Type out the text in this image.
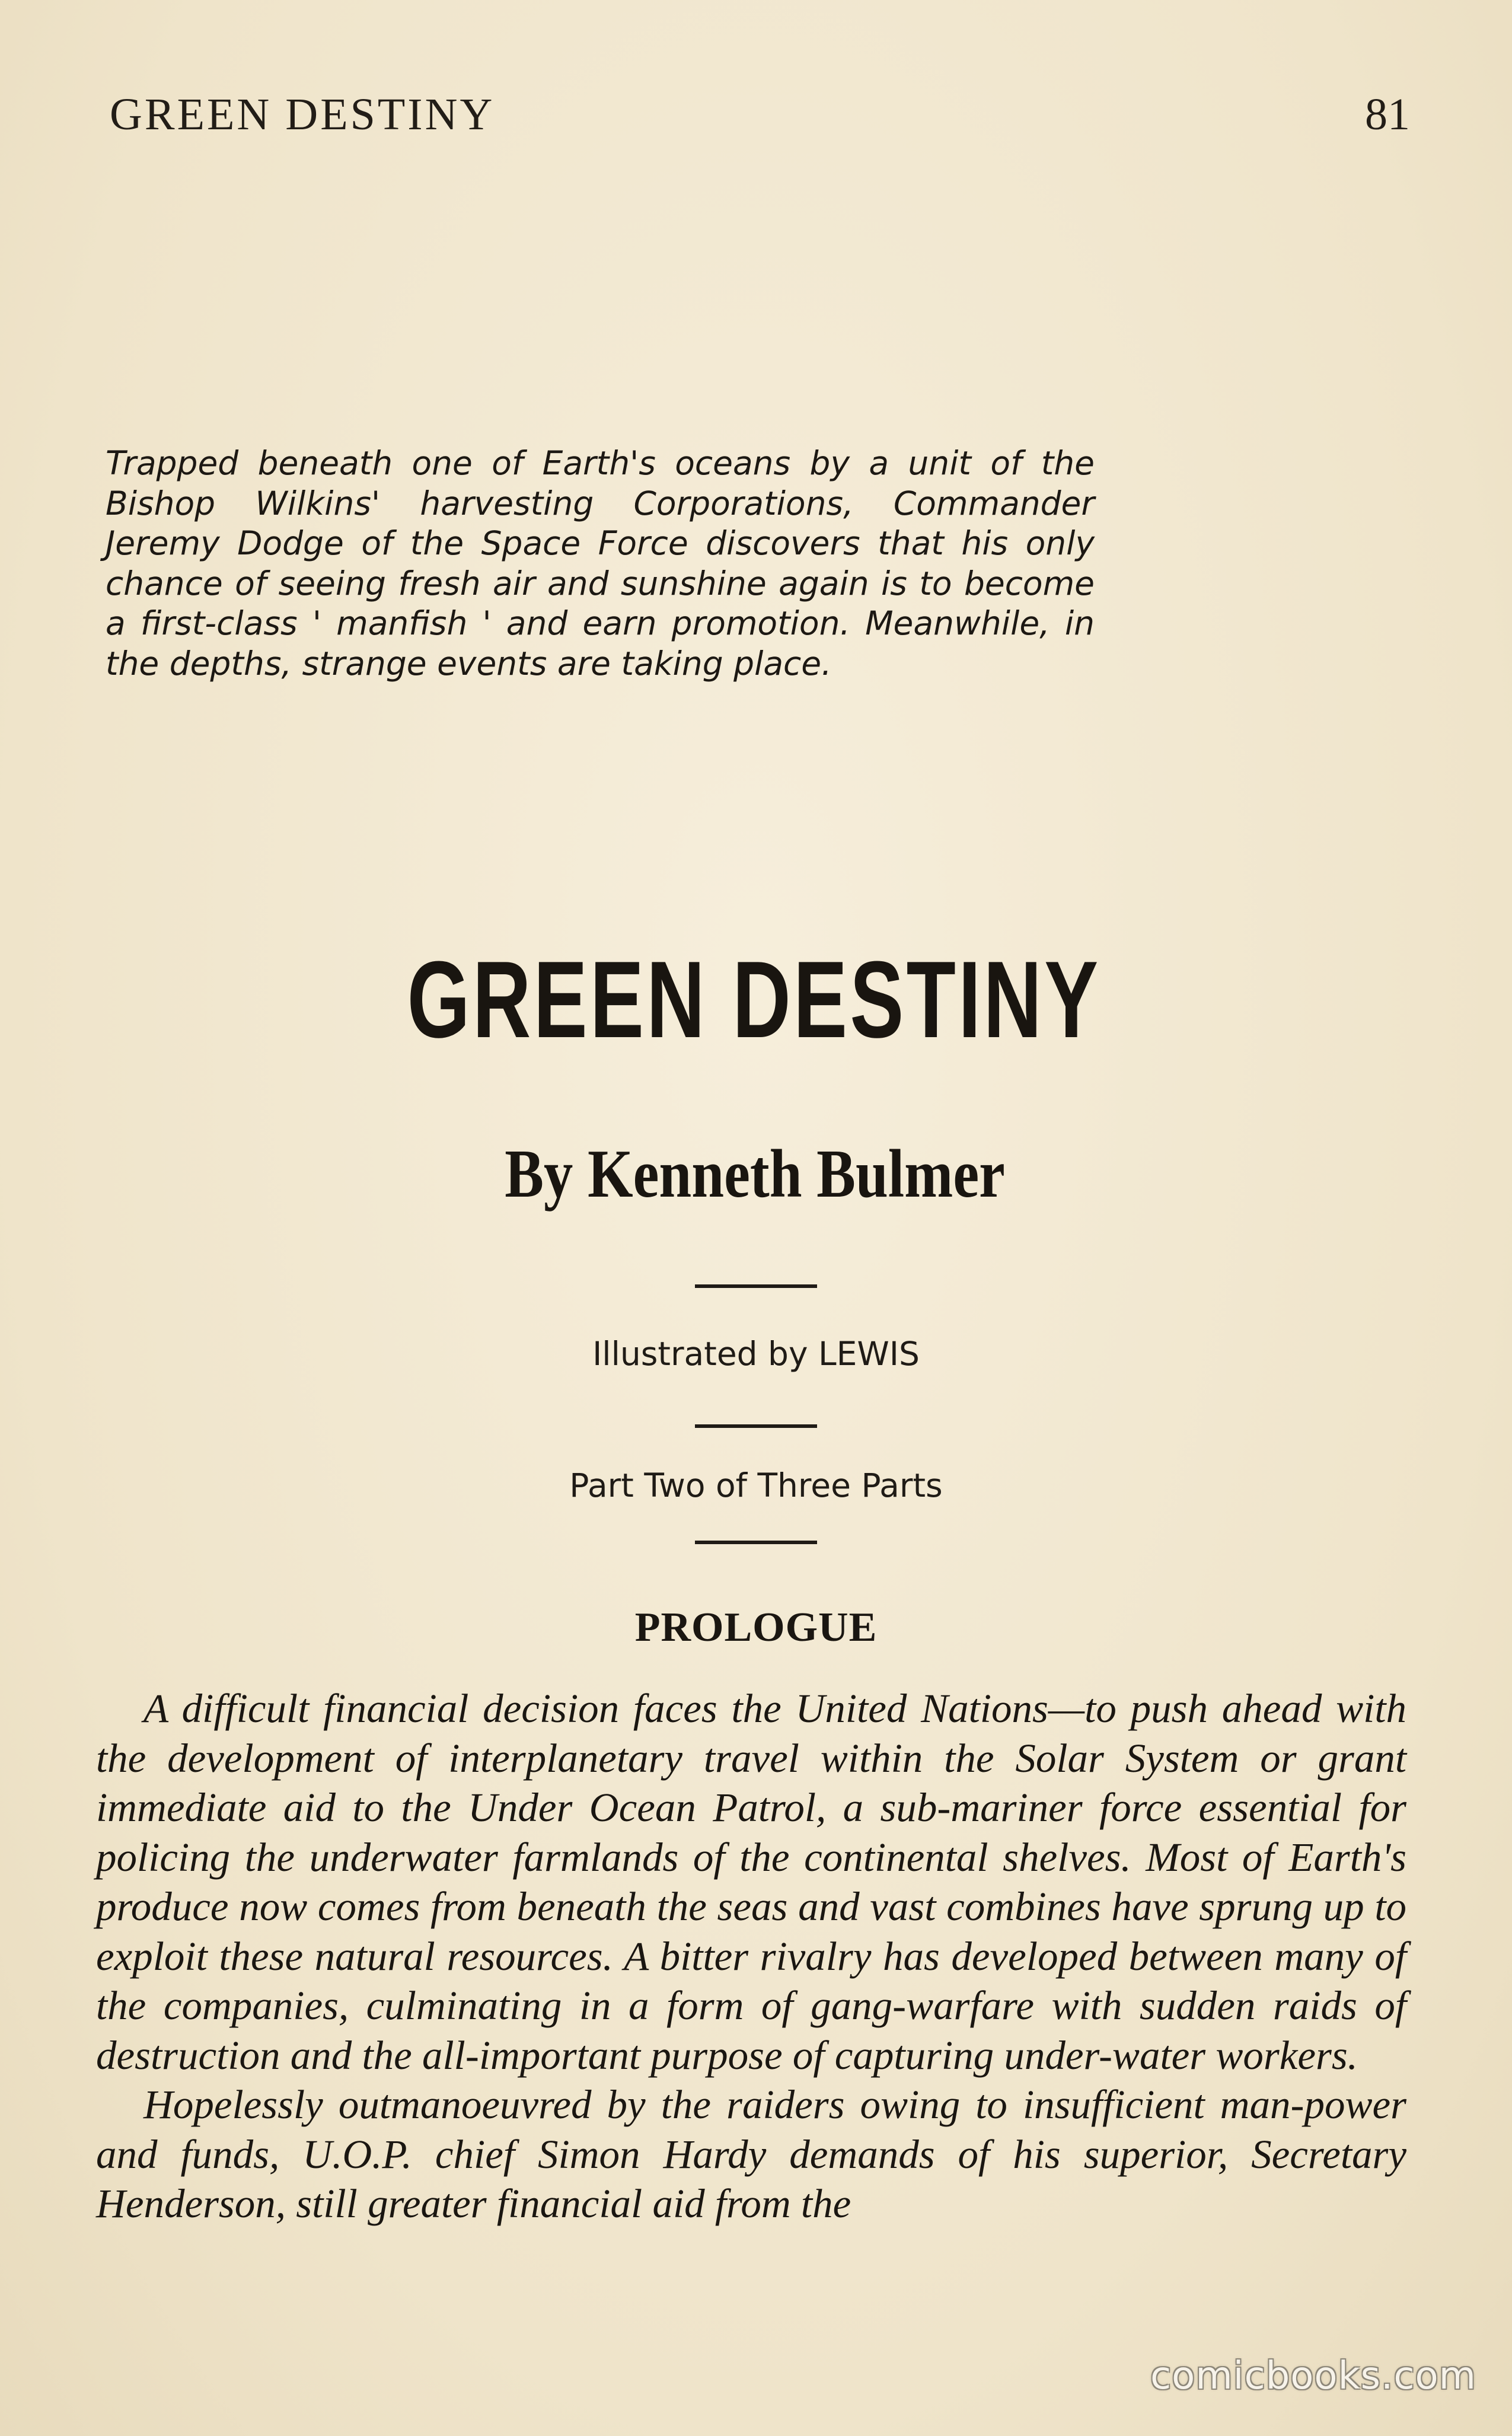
GREEN DESTINY	81
Trapped beneath one of Earth's oceans by a unit of the Bishop Wilkins' harvesting Corporations, Commander Jeremy Dodge of the Space Force discovers that his only chance of seeing fresh air and sunshine again is to become a first-class ' manfish ' and earn promotion. Meanwhile, in the depths, strange events are taking place.
GREEN DESTINY
By Kenneth Bulmer
Illustrated by LEWIS
Part Two of Three Parts
PROLOGUE

A difficult financial decision faces the United Nations—to push ahead with the development of interplanetary travel within the Solar System or grant immediate aid to the Under Ocean Patrol, a sub-mariner force essential for policing the underwater farmlands of the continental shelves. Most of Earth's produce now comes from beneath the seas and vast combines have sprung up to exploit these natural resources. A bitter rivalry has developed between many of the companies, culminating in a form of gang-warfare with sudden raids of destruction and the all-important purpose of capturing under-water workers.

Hopelessly outmanoeuvred by the raiders owing to insufficient man-power and funds, U.O.P. chief Simon Hardy demands of his superior, Secretary Henderson, still greater financial aid from the

comicbooks.com
